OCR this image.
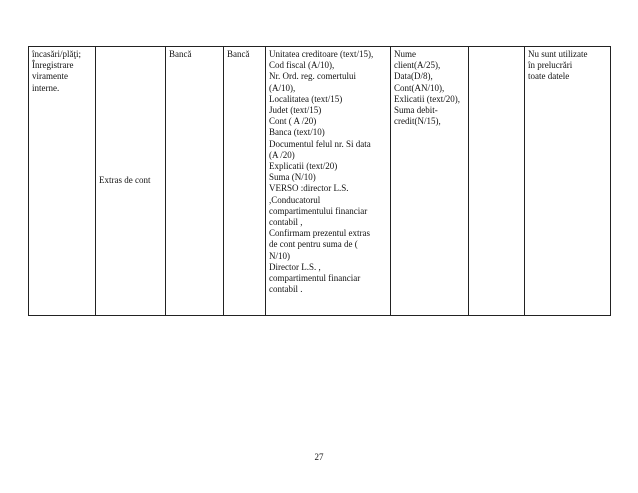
încasări/plăţi;
Înregistrare
viramente
interne.	Extras de cont	Bancă	Bancă	Unitatea creditoare (text/15),
Cod fiscal (A/10),
Nr. Ord. reg. comertului
(A/10),
Localitatea (text/15)
Judet (text/15)
Cont ( A /20)
Banca (text/10)
Documentul felul nr. Si data
(A /20)
Explicatii (text/20)
Suma (N/10)
VERSO :director L.S.
,Conducatorul
compartimentului financiar
contabil ,
Confirmam prezentul extras
de cont pentru suma de (
N/10)
Director L.S. ,
compartimentul financiar
contabil .	Nume
client(A/25),
Data(D/8),
Cont(AN/10),
Exlicatii (text/20),
Suma debit-
credit(N/15),		Nu sunt utilizate
în prelucrări
toate datele
27
